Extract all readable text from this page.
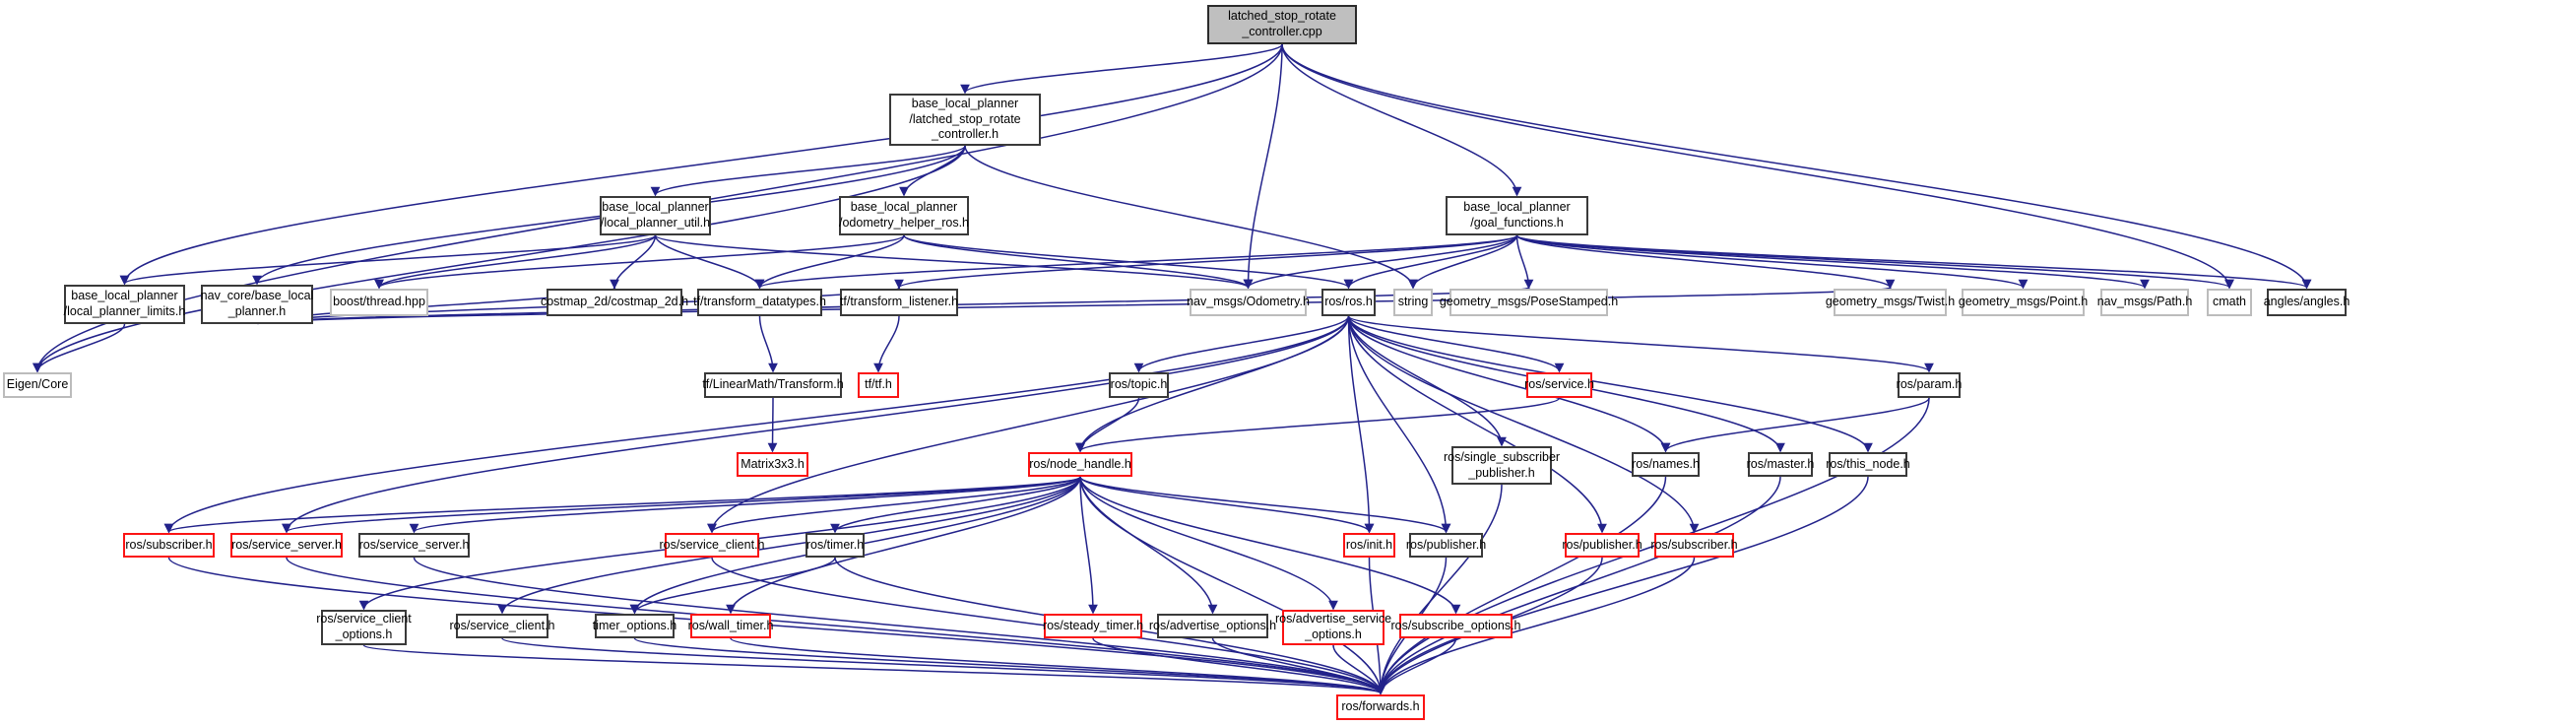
latched_stop_rotate
_controller.cpp
base_local_planner
/latched_stop_rotate
_controller.h
base_local_planner
/local_planner_util.h
base_local_planner
/odometry_helper_ros.h
base_local_planner
/goal_functions.h
base_local_planner
/local_planner_limits.h
nav_core/base_local
_planner.h
boost/thread.hpp	costmap_2d/costmap_2d.h tf/transform_datatypes.h tf/transform_listener.h	nav_msgs/Odometry.h ros/ros.h string geometry_msgs/PoseStamped.h	geometry_msgs/Twist.h geometry_msgs/Point.h nav_msgs/Path.h cmath angles/angles.h
Eigen/Core	tf/LinearMath/Transform.h tf/tf.h	ros/topic.h	ros/service.h	ros/param.h
Matrix3x3.h	ros/node_handle.h	ros/single_subscriber
_publisher.h
ros/names.h	ros/master.h ros/this_node.h
ros/subscriber.h ros/service_server.h ros/service_server.h	ros/service_client.h	ros/timer.h	ros/init.h ros/publisher.h	ros/publisher.h ros/subscriber.h
ros/service_client
_options.h
ros/service_client.h	timer_options.h ros/wall_timer.h	ros/steady_timer.h ros/advertise_options.h
ros/advertise_service
_options.h
ros/subscribe_options.h
ros/forwards.h
